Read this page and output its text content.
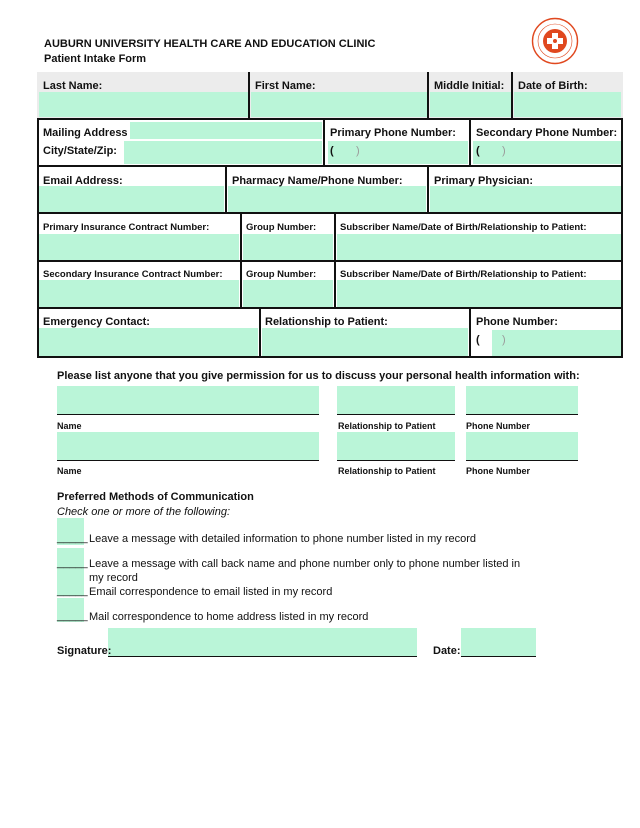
AUBURN UNIVERSITY HEALTH CARE AND EDUCATION CLINIC
Patient Intake Form
Last Name:	First Name:	Middle Initial: Date of Birth:
Mailing Address
City/State/Zip:
Primary Phone Number: Secondary Phone Number:
( )	( )
Email Address:	Pharmacy Name/Phone Number:	Primary Physician:
Primary Insurance Contract Number:	Group Number:	Subscriber Name/Date of Birth/Relationship to Patient:
Secondary Insurance Contract Number: Group Number:	Subscriber Name/Date of Birth/Relationship to Patient:
Emergency Contact:	Relationship to Patient:	Phone Number:
( )
Please list anyone that you give permission for us to discuss your personal health information with:
Name	Relationship to Patient	Phone Number
Name	Relationship to Patient	Phone Number
Preferred Methods of Communication
Check one or more of the following:
_____ Leave a message with detailed information to phone number listed in my record
_____ Leave a message with call back name and phone number only to phone number listed in my record
_____ Email correspondence to email listed in my record
_____ Mail correspondence to home address listed in my record
Signature:	Date:
